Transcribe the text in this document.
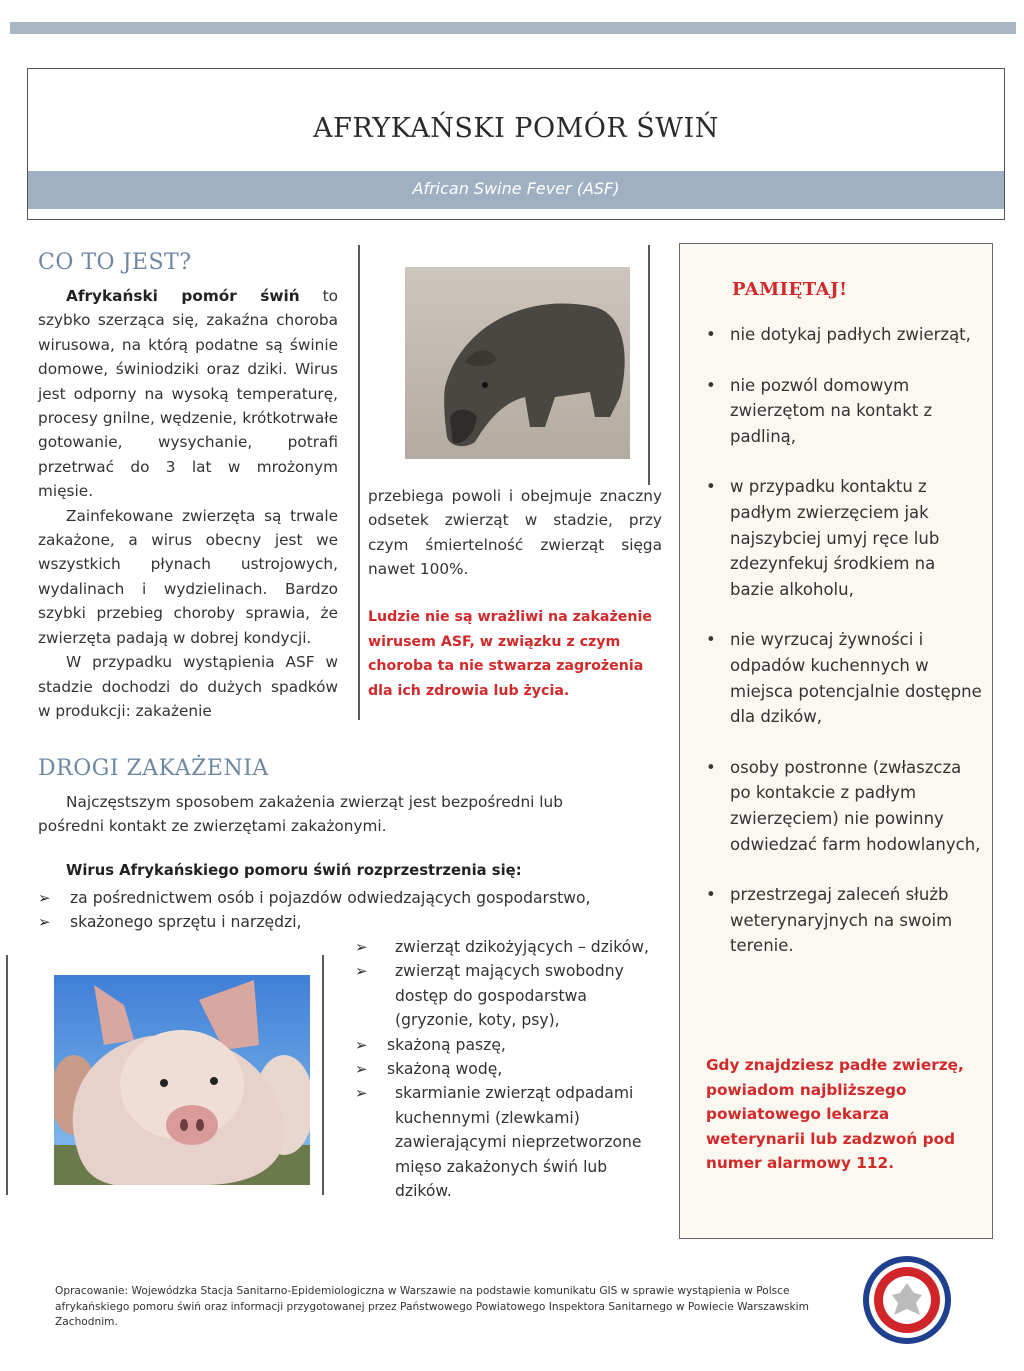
AFRYKAŃSKI POMÓR ŚWIŃ
African Swine Fever (ASF)
CO TO JEST?

Afrykański pomór świń to szybko szerząca się, zakaźna choroba wirusowa, na którą podatne są świnie domowe, świniodziki oraz dziki. Wirus jest odporny na wysoką temperaturę, procesy gnilne, wędzenie, krótkotrwałe gotowanie, wysychanie, potrafi przetrwać do 3 lat w mrożonym mięsie.

Zainfekowane zwierzęta są trwale zakażone, a wirus obecny jest we wszystkich płynach ustrojowych, wydalinach i wydzielinach. Bardzo szybki przebieg choroby sprawia, że zwierzęta padają w dobrej kondycji.

W przypadku wystąpienia ASF w stadzie dochodzi do dużych spadków w produkcji: zakażenie

przebiega powoli i obejmuje znaczny odsetek zwierząt w stadzie, przy czym śmiertelność zwierząt sięga nawet 100%.
Ludzie nie są wrażliwi na zakażenie wirusem ASF, w związku z czym choroba ta nie stwarza zagrożenia dla ich zdrowia lub życia.
DROGI ZAKAŻENIA
Najczęstszym sposobem zakażenia zwierząt jest bezpośredni lub pośredni kontakt ze zwierzętami zakażonymi.
Wirus Afrykańskiego pomoru świń rozprzestrzenia się:
➢ za pośrednictwem osób i pojazdów odwiedzających gospodarstwo,
➢ skażonego sprzętu i narzędzi,
➢ zwierząt dzikożyjących – dzików,
➢ zwierząt mających swobodny dostęp do gospodarstwa (gryzonie, koty, psy),
➢ skażoną paszę,
➢ skażoną wodę,
➢ skarmianie zwierząt odpadami kuchennymi (zlewkami) zawierającymi nieprzetworzone mięso zakażonych świń lub dzików.
PAMIĘTAJ!
• nie dotykaj padłych zwierząt,
• nie pozwól domowym zwierzętom na kontakt z padliną,
• w przypadku kontaktu z padłym zwierzęciem jak najszybciej umyj ręce lub zdezynfekuj środkiem na bazie alkoholu,
• nie wyrzucaj żywności i odpadów kuchennych w miejsca potencjalnie dostępne dla dzików,
• osoby postronne (zwłaszcza po kontakcie z padłym zwierzęciem) nie powinny odwiedzać farm hodowlanych,
• przestrzegaj zaleceń służb weterynaryjnych na swoim terenie.
Gdy znajdziesz padłe zwierzę, powiadom najbliższego powiatowego lekarza weterynarii lub zadzwoń pod numer alarmowy 112.
Opracowanie: Wojewódzka Stacja Sanitarno-Epidemiologiczna w Warszawie na podstawie komunikatu GIS w sprawie wystąpienia w Polsce afrykańskiego pomoru świń oraz informacji przygotowanej przez Państwowego Powiatowego Inspektora Sanitarnego w Powiecie Warszawskim Zachodnim.
